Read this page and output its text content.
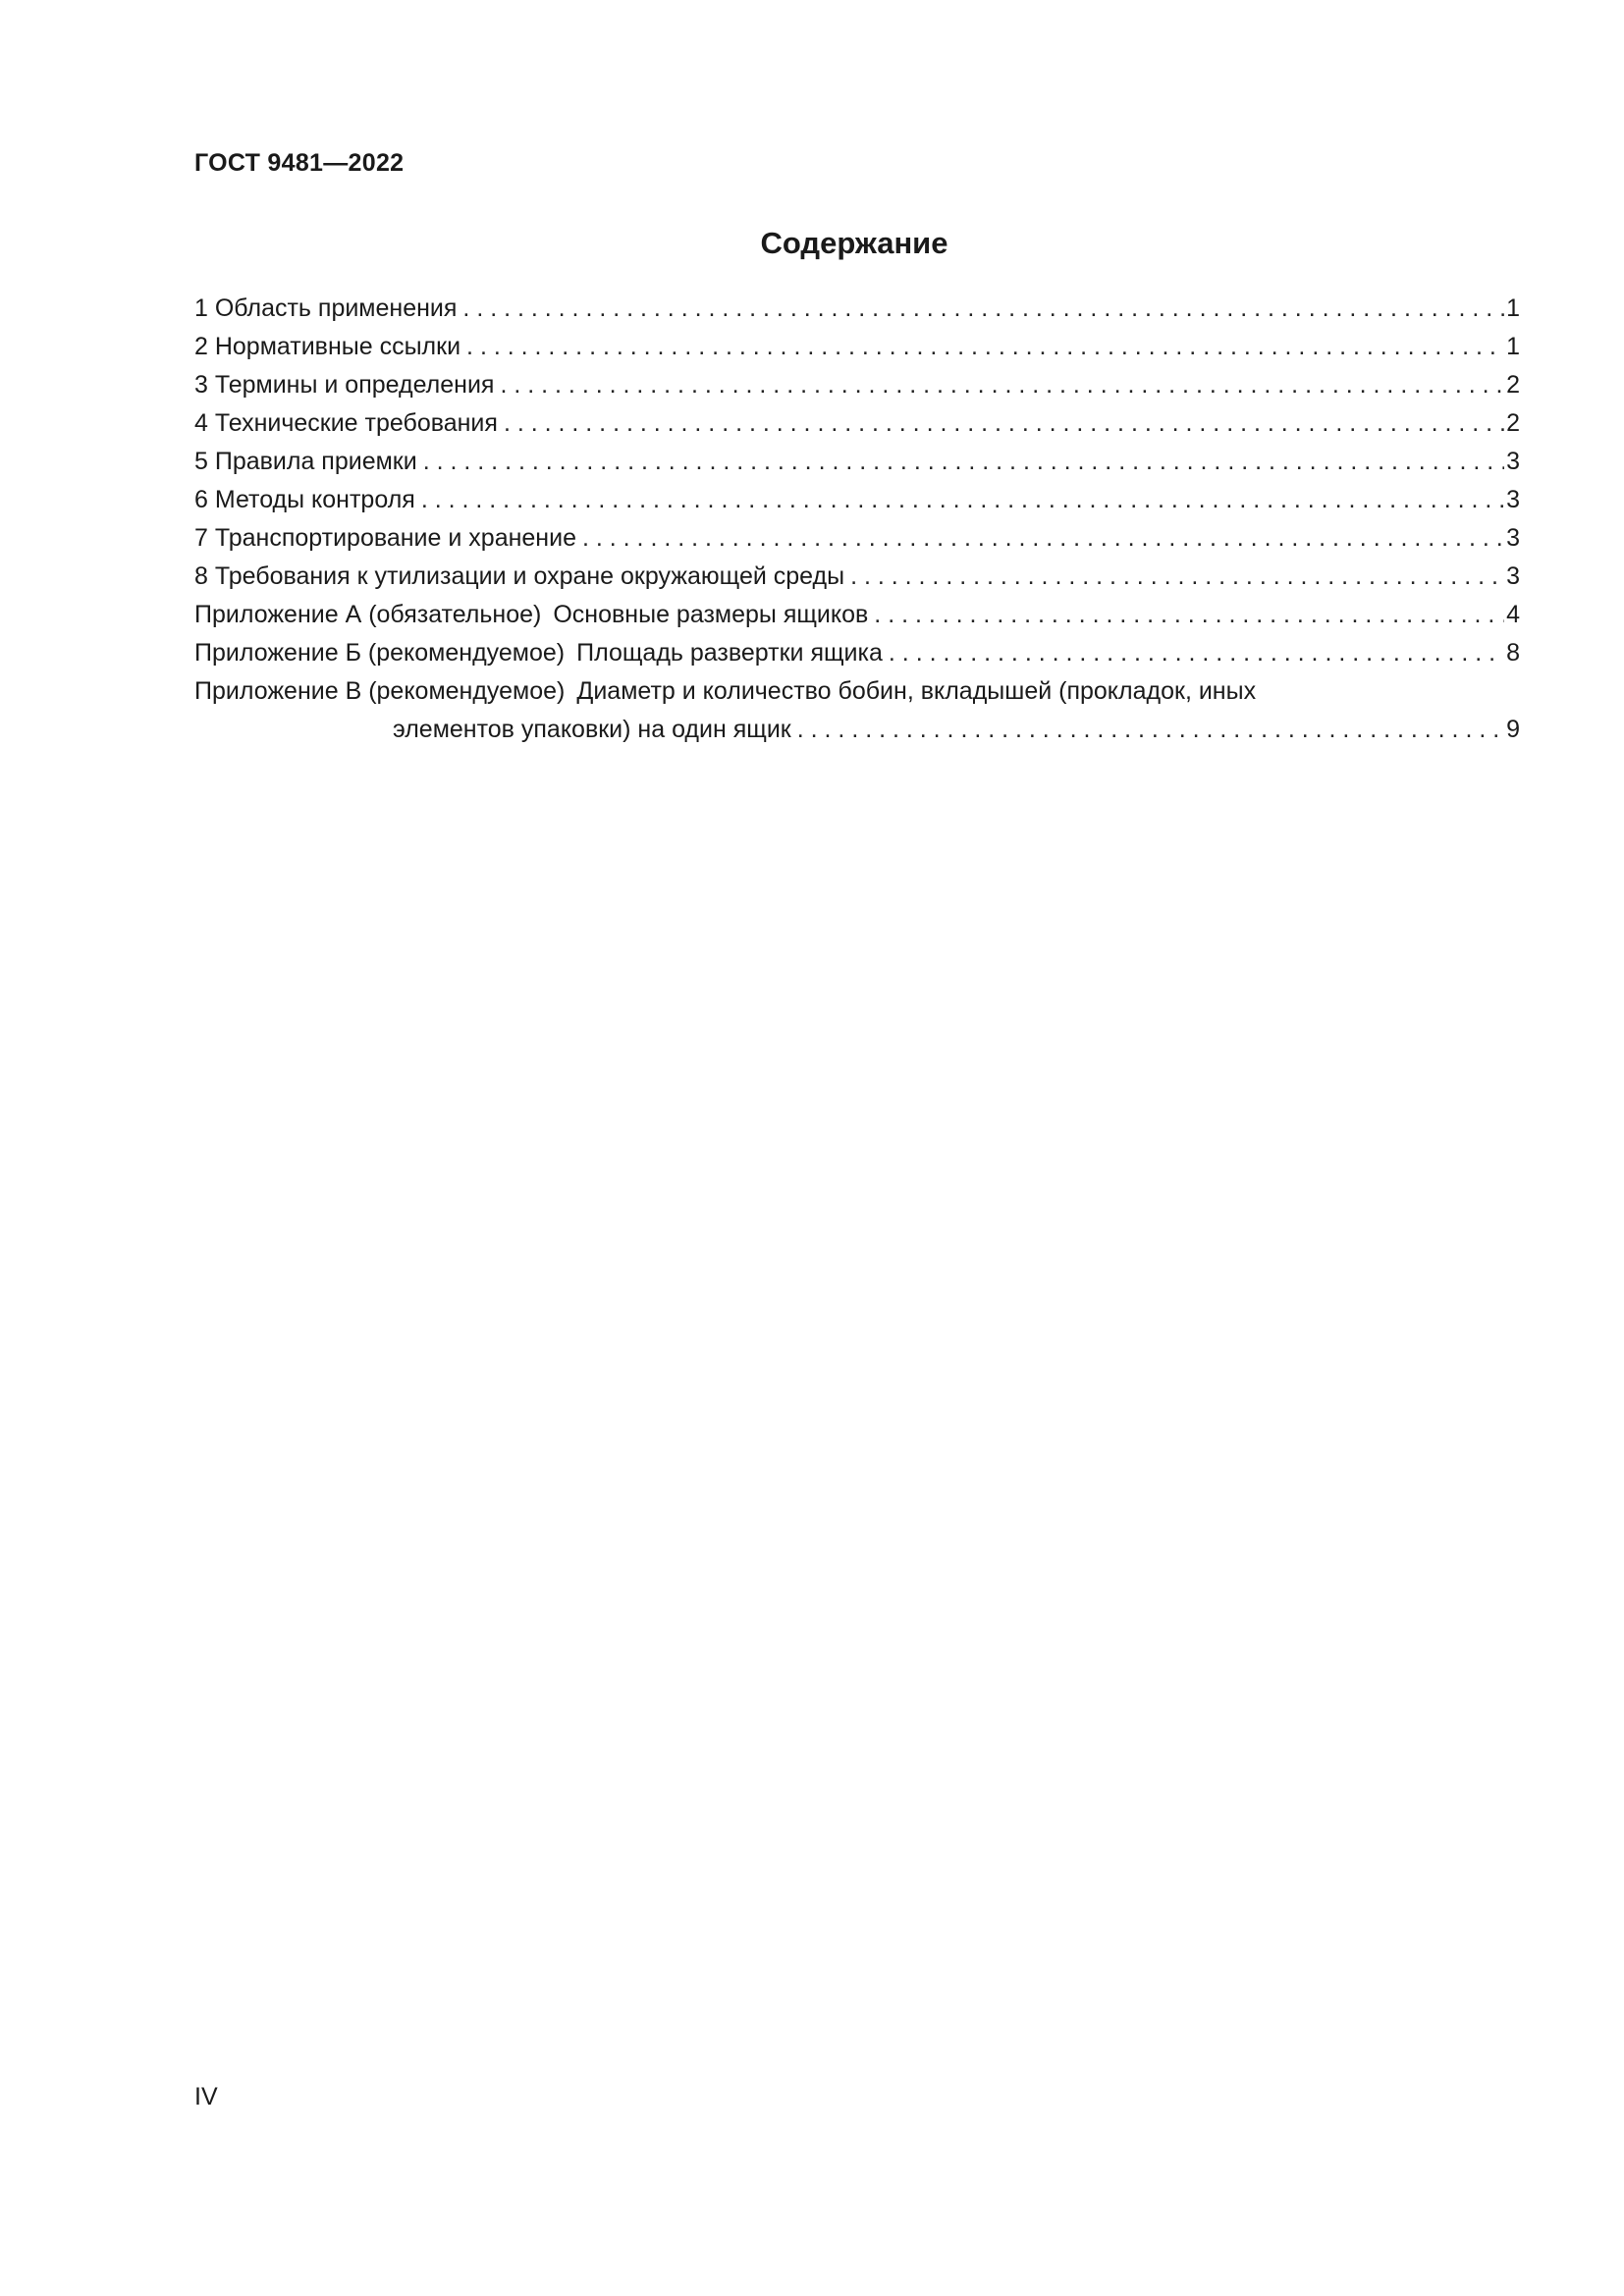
ГОСТ 9481—2022
Содержание
1 Область применения . . .	1
2 Нормативные ссылки . . .	1
3 Термины и определения . . .	2
4 Технические требования . . .	2
5 Правила приемки . . .	3
6 Методы контроля . . .	3
7 Транспортирование и хранение . . .	3
8 Требования к утилизации и охране окружающей среды . . .	3
Приложение А (обязательное) Основные размеры ящиков . . .	4
Приложение Б (рекомендуемое) Площадь развертки ящика . . .	8
Приложение В (рекомендуемое) Диаметр и количество бобин, вкладышей (прокладок, иных
элементов упаковки) на один ящик . . .	9
IV
